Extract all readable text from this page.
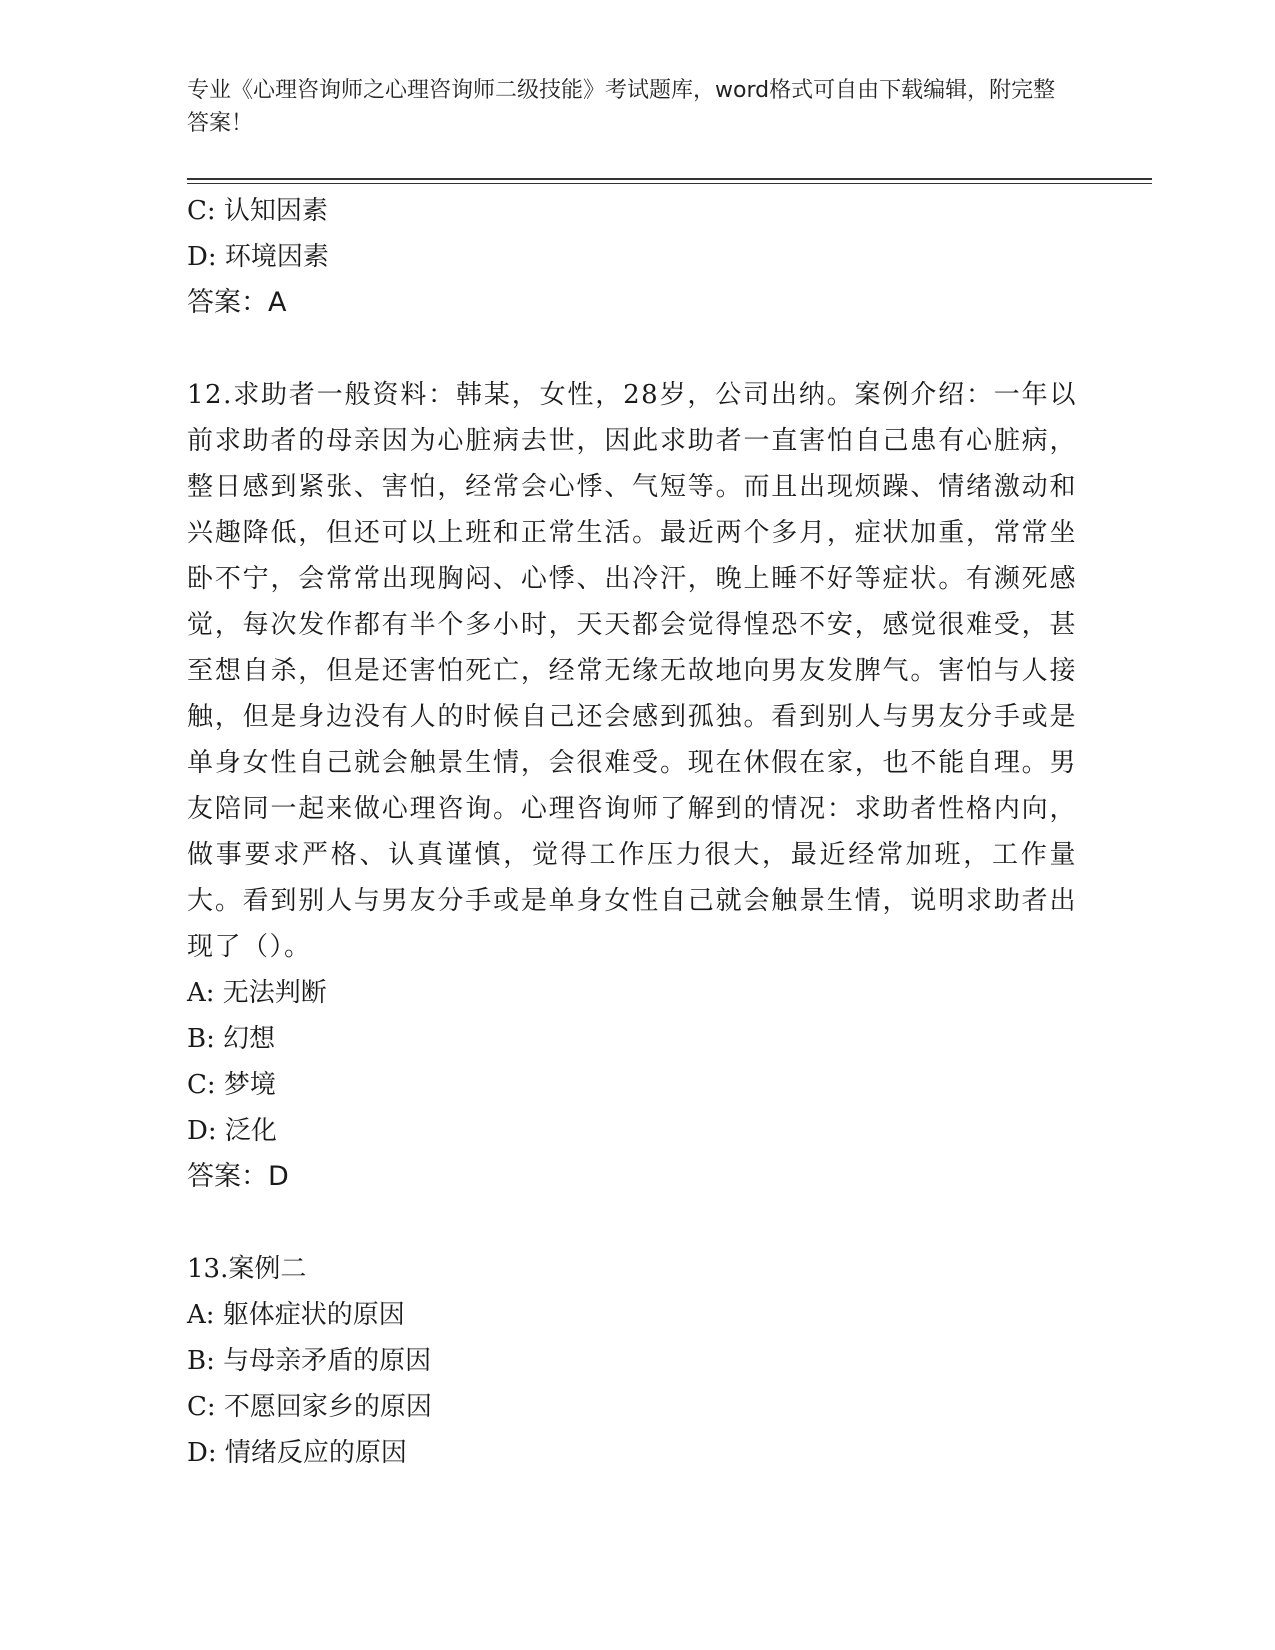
专业《心理咨询师之心理咨询师二级技能》考试题库，word格式可自由下载编辑，附完整答案！
C: 认知因素
D: 环境因素
答案：A

12.求助者一般资料：韩某，女性，28岁，公司出纳。案例介绍：一年以前求助者的母亲因为心脏病去世，因此求助者一直害怕自己患有心脏病，整日感到紧张、害怕，经常会心悸、气短等。而且出现烦躁、情绪激动和兴趣降低，但还可以上班和正常生活。最近两个多月，症状加重，常常坐卧不宁，会常常出现胸闷、心悸、出冷汗，晚上睡不好等症状。有濒死感觉，每次发作都有半个多小时，天天都会觉得惶恐不安，感觉很难受，甚至想自杀，但是还害怕死亡，经常无缘无故地向男友发脾气。害怕与人接触，但是身边没有人的时候自己还会感到孤独。看到别人与男友分手或是单身女性自己就会触景生情，会很难受。现在休假在家，也不能自理。男友陪同一起来做心理咨询。心理咨询师了解到的情况：求助者性格内向，做事要求严格、认真谨慎，觉得工作压力很大，最近经常加班，工作量大。看到别人与男友分手或是单身女性自己就会触景生情，说明求助者出现了（）。

A: 无法判断
B: 幻想
C: 梦境
D: 泛化
答案：D
13.案例二
A: 躯体症状的原因
B: 与母亲矛盾的原因
C: 不愿回家乡的原因
D: 情绪反应的原因
